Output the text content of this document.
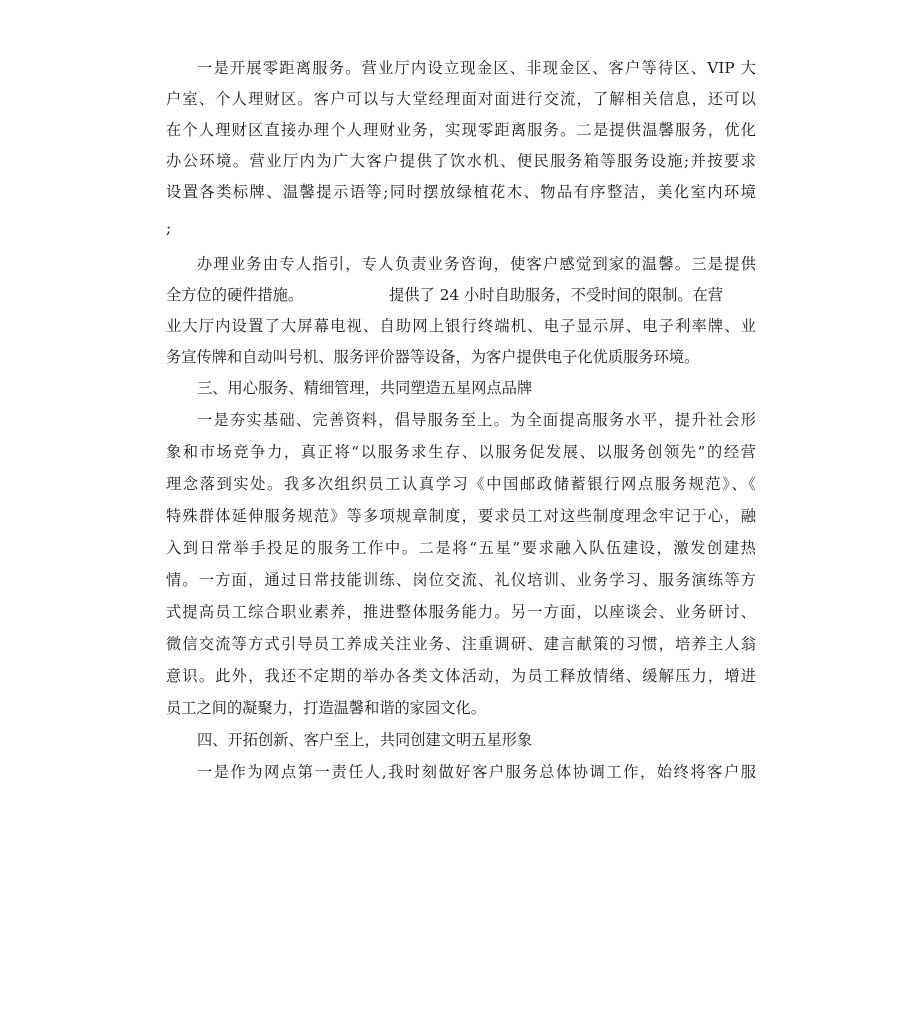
一是开展零距离服务。营业厅内设立现金区、非现金区、客户等待区、VIP 大
户室、个人理财区。客户可以与大堂经理面对面进行交流，了解相关信息，还可以
在个人理财区直接办理个人理财业务，实现零距离服务。二是提供温馨服务，优化
办公环境。营业厅内为广大客户提供了饮水机、便民服务箱等服务设施;并按要求
设置各类标牌、温馨提示语等;同时摆放绿植花木、物品有序整洁，美化室内环境
;
办理业务由专人指引，专人负责业务咨询，使客户感觉到家的温馨。三是提供
全方位的硬件措施。	提供了 24 小时自助服务，不受时间的限制。在营
业大厅内设置了大屏幕电视、自助网上银行终端机、电子显示屏、电子利率牌、业
务宣传牌和自动叫号机、服务评价器等设备，为客户提供电子化优质服务环境。
三、用心服务、精细管理，共同塑造五星网点品牌
一是夯实基础、完善资料，倡导服务至上。为全面提高服务水平，提升社会形
象和市场竞争力，真正将“以服务求生存、以服务促发展、以服务创领先”的经营
理念落到实处。我多次组织员工认真学习《中国邮政储蓄银行网点服务规范》、《
特殊群体延伸服务规范》等多项规章制度，要求员工对这些制度理念牢记于心，融
入到日常举手投足的服务工作中。二是将“五星”要求融入队伍建设，激发创建热
情。一方面，通过日常技能训练、岗位交流、礼仪培训、业务学习、服务演练等方
式提高员工综合职业素养，推进整体服务能力。另一方面，以座谈会、业务研讨、
微信交流等方式引导员工养成关注业务、注重调研、建言献策的习惯，培养主人翁
意识。此外，我还不定期的举办各类文体活动，为员工释放情绪、缓解压力，增进
员工之间的凝聚力，打造温馨和谐的家园文化。
四、开拓创新、客户至上，共同创建文明五星形象
一是作为网点第一责任人,我时刻做好客户服务总体协调工作，始终将客户服
